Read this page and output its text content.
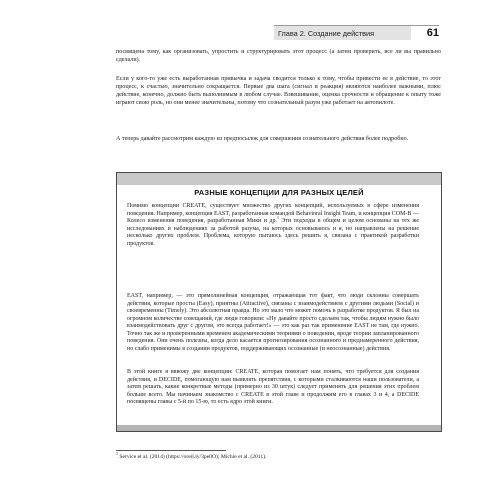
Глава 2. Создание действия	61

посвящена тому, как организовать, упростить и структурировать этот процесс (а затем проверить, все ли вы правильно сделали).

Если у кого-то уже есть выработанная привычка и задача сводится только к тому, чтобы привести ее в действие, то этот процесс, к счастью, значительно сокращается. Первые два шага (сигнал и реакция) являются наиболее важными, плюс действие, конечно, должно быть выполнимым в любом случае. Взвешивание, оценка срочности и обращение к опыту тоже играют свою роль, но они менее значительны, потому что сознательный разум уже работает на автопилоте.

А теперь давайте рассмотрим каждую из предпосылок для совершения сознательного действия более подробно.

РАЗНЫЕ КОНЦЕПЦИИ ДЛЯ РАЗНЫХ ЦЕЛЕЙ

Помимо концепции CREATE, существует множество других концепций, используемых в сфере изменения поведения. Например, концепция EAST, разработанная командой Behavioral Insight Team, и концепция COM-B — Колесо изменения поведения, разработанная Мики и др.$^1$ Эти подходы в общем и целом основаны на тех же исследованиях и наблюдениях за работой разума, на которых основываюсь и я, но направлены на решение несколько других проблем. Проблема, которую пытаюсь здесь решить я, связана с практикой разработки продуктов.

EAST, например, — это прямолинейная концепция, отражающая тот факт, что люди склонны совершать действия, которые просты (Easy), приятны (Attractive), связаны с взаимодействием с другими людьми (Social) и своевременны (Timely). Это абсолютная правда. Но это мало что может помочь в разработке продуктов. Я был на огромном количестве совещаний, где люди говорили: «Ну давайте просто сделаем так, чтобы людям нужно было взаимодействовать друг с другом, это всегда работает!» — это как раз так применение EAST не там, где нужно. Точно так же и проверенными временем академическими теориями о поведении, вроде теории запланированного поведения. Они очень полезны, когда дело касается прогнозирования осознанного и преднамеренного действия, но слабо применимы в создании продуктов, поддерживающих осознанные (и неосознанные) действия.

В этой книге я вввожу две концепции: CREATE, которая помогает нам понять, что требуется для создания действия, и DECIDE, помогающую нам выявлять препятствия, с которыми сталкиваются наши пользователи, а затем решать, какие конкретные методы (примерно из 30 штук) следует применять для решения этих проблем больше всего. Мы начинаем знакомство с CREATE в этой главе и продолжим его в главах 3 и 4, а DECIDE посвящены главы с 5-й по 15-ю, то есть ядро этой книги.

$^1$ Service et al. (2014) (https://oreil.ly/3pe0O); Michie et al. (2011).
